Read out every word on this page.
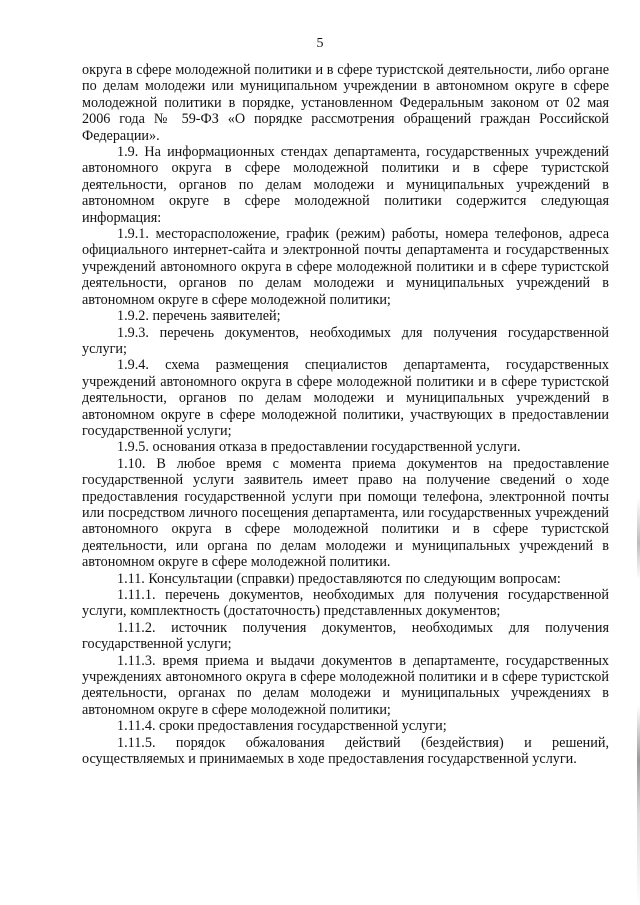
5

округа в сфере молодежной политики и в сфере туристской деятельности, либо органе по делам молодежи или муниципальном учреждении в автономном округе в сфере молодежной политики в порядке, установленном Федеральным законом от 02 мая 2006 года № 59-ФЗ «О порядке рассмотрения обращений граждан Российской Федерации».

1.9. На информационных стендах департамента, государственных учреждений автономного округа в сфере молодежной политики и в сфере туристской деятельности, органов по делам молодежи и муниципальных учреждений в автономном округе в сфере молодежной политики содержится следующая информация:

1.9.1. месторасположение, график (режим) работы, номера телефонов, адреса официального интернет-сайта и электронной почты департамента и государственных учреждений автономного округа в сфере молодежной политики и в сфере туристской деятельности, органов по делам молодежи и муниципальных учреждений в автономном округе в сфере молодежной политики;

1.9.2. перечень заявителей;

1.9.3. перечень документов, необходимых для получения государственной услуги;

1.9.4. схема размещения специалистов департамента, государственных учреждений автономного округа в сфере молодежной политики и в сфере туристской деятельности, органов по делам молодежи и муниципальных учреждений в автономном округе в сфере молодежной политики, участвующих в предоставлении государственной услуги;

1.9.5. основания отказа в предоставлении государственной услуги.

1.10. В любое время с момента приема документов на предоставление государственной услуги заявитель имеет право на получение сведений о ходе предоставления государственной услуги при помощи телефона, электронной почты или посредством личного посещения департамента, или государственных учреждений автономного округа в сфере молодежной политики и в сфере туристской деятельности, или органа по делам молодежи и муниципальных учреждений в автономном округе в сфере молодежной политики.

1.11. Консультации (справки) предоставляются по следующим вопросам:

1.11.1. перечень документов, необходимых для получения государственной услуги, комплектность (достаточность) представленных документов;

1.11.2. источник получения документов, необходимых для получения государственной услуги;

1.11.3. время приема и выдачи документов в департаменте, государственных учреждениях автономного округа в сфере молодежной политики и в сфере туристской деятельности, органах по делам молодежи и муниципальных учреждениях в автономном округе в сфере молодежной политики;

1.11.4. сроки предоставления государственной услуги;

1.11.5. порядок обжалования действий (бездействия) и решений, осуществляемых и принимаемых в ходе предоставления государственной услуги.
